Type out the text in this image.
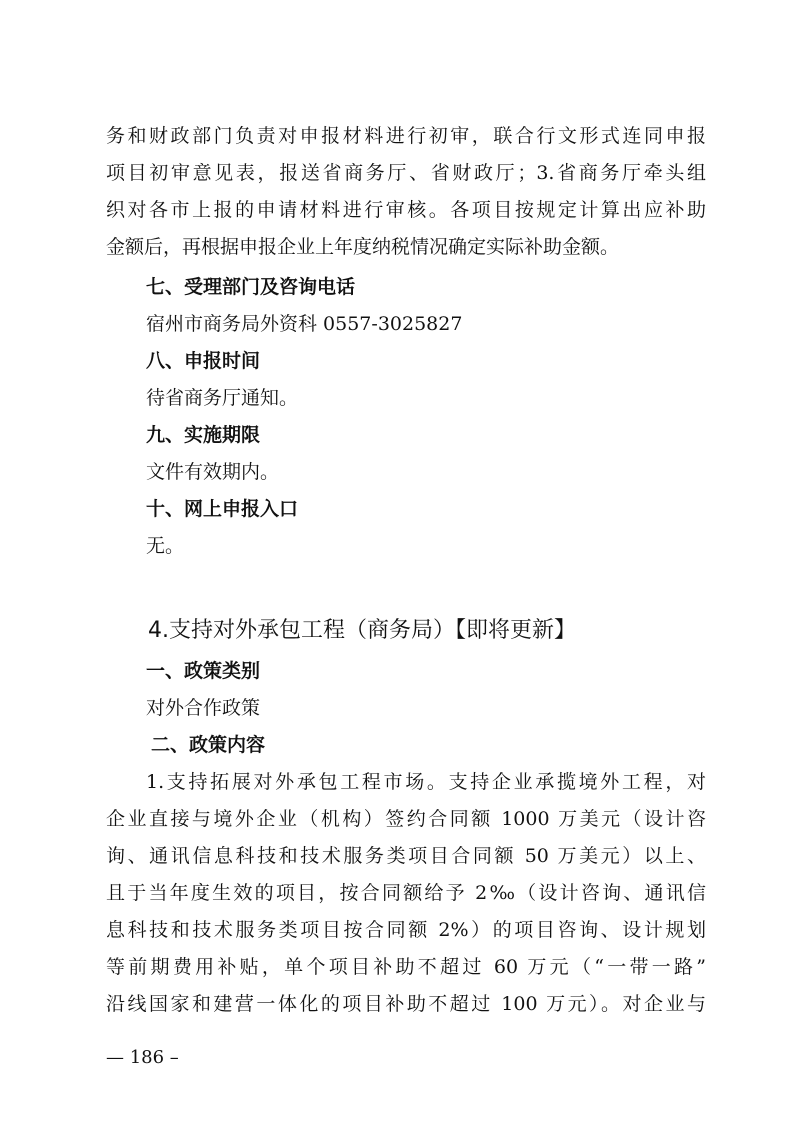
务和财政部门负责对申报材料进行初审，联合行文形式连同申报
项目初审意见表，报送省商务厅、省财政厅；3.省商务厅牵头组
织对各市上报的申请材料进行审核。各项目按规定计算出应补助
金额后，再根据申报企业上年度纳税情况确定实际补助金额。
七、受理部门及咨询电话
宿州市商务局外资科 0557-3025827
八、申报时间
待省商务厅通知。
九、实施期限
文件有效期内。
十、网上申报入口
无。
4.支持对外承包工程（商务局）【即将更新】
一、政策类别
对外合作政策
二、政策内容
1.支持拓展对外承包工程市场。支持企业承揽境外工程，对
企业直接与境外企业（机构）签约合同额 1000 万美元（设计咨
询、通讯信息科技和技术服务类项目合同额 50 万美元）以上、
且于当年度生效的项目，按合同额给予 2‰（设计咨询、通讯信
息科技和技术服务类项目按合同额 2%）的项目咨询、设计规划
等前期费用补贴，单个项目补助不超过 60 万元（“一带一路”
沿线国家和建营一体化的项目补助不超过 100 万元）。对企业与
— 186 –
